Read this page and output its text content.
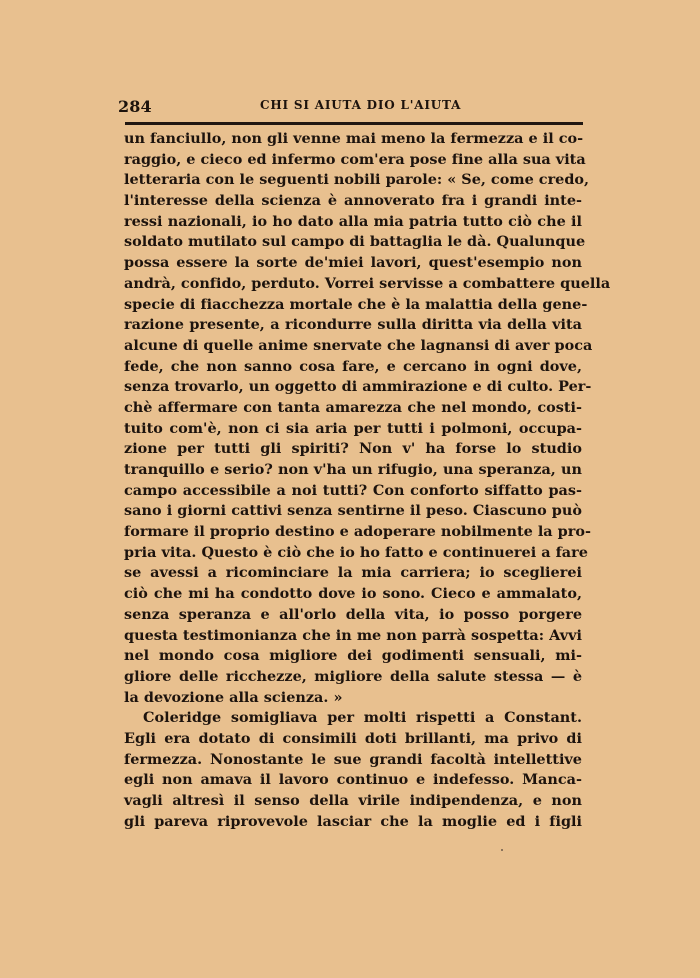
284	CHI SI AIUTA DIO L'AIUTA
un fanciullo, non gli venne mai meno la fermezza e il co-
raggio, e cieco ed infermo com'era pose fine alla sua vita
letteraria con le seguenti nobili parole: « Se, come credo,
l'interesse della scienza è annoverato fra i grandi inte-
ressi nazionali, io ho dato alla mia patria tutto ciò che il
soldato mutilato sul campo di battaglia le dà. Qualunque
possa essere la sorte de'miei lavori, quest'esempio non
andrà, confido, perduto. Vorrei servisse a combattere quella
specie di fiacchezza mortale che è la malattia della gene-
razione presente, a ricondurre sulla diritta via della vita
alcune di quelle anime snervate che lagnansi di aver poca
fede, che non sanno cosa fare, e cercano in ogni dove,
senza trovarlo, un oggetto di ammirazione e di culto. Per-
chè affermare con tanta amarezza che nel mondo, costi-
tuito com'è, non ci sia aria per tutti i polmoni, occupa-
zione per tutti gli spiriti? Non v' ha forse lo studio
tranquillo e serio? non v'ha un rifugio, una speranza, un
campo accessibile a noi tutti? Con conforto siffatto pas-
sano i giorni cattivi senza sentirne il peso. Ciascuno può
formare il proprio destino e adoperare nobilmente la pro-
pria vita. Questo è ciò che io ho fatto e continuerei a fare
se avessi a ricominciare la mia carriera; io sceglierei
ciò che mi ha condotto dove io sono. Cieco e ammalato,
senza speranza e all'orlo della vita, io posso porgere
questa testimonianza che in me non parrà sospetta: Avvi
nel mondo cosa migliore dei godimenti sensuali, mi-
gliore delle ricchezze, migliore della salute stessa — è
la devozione alla scienza. »
Coleridge somigliava per molti rispetti a Constant.
Egli era dotato di consimili doti brillanti, ma privo di
fermezza. Nonostante le sue grandi facoltà intellettive
egli non amava il lavoro continuo e indefesso. Manca-
vagli altresì il senso della virile indipendenza, e non
gli pareva riprovevole lasciar che la moglie ed i figli
